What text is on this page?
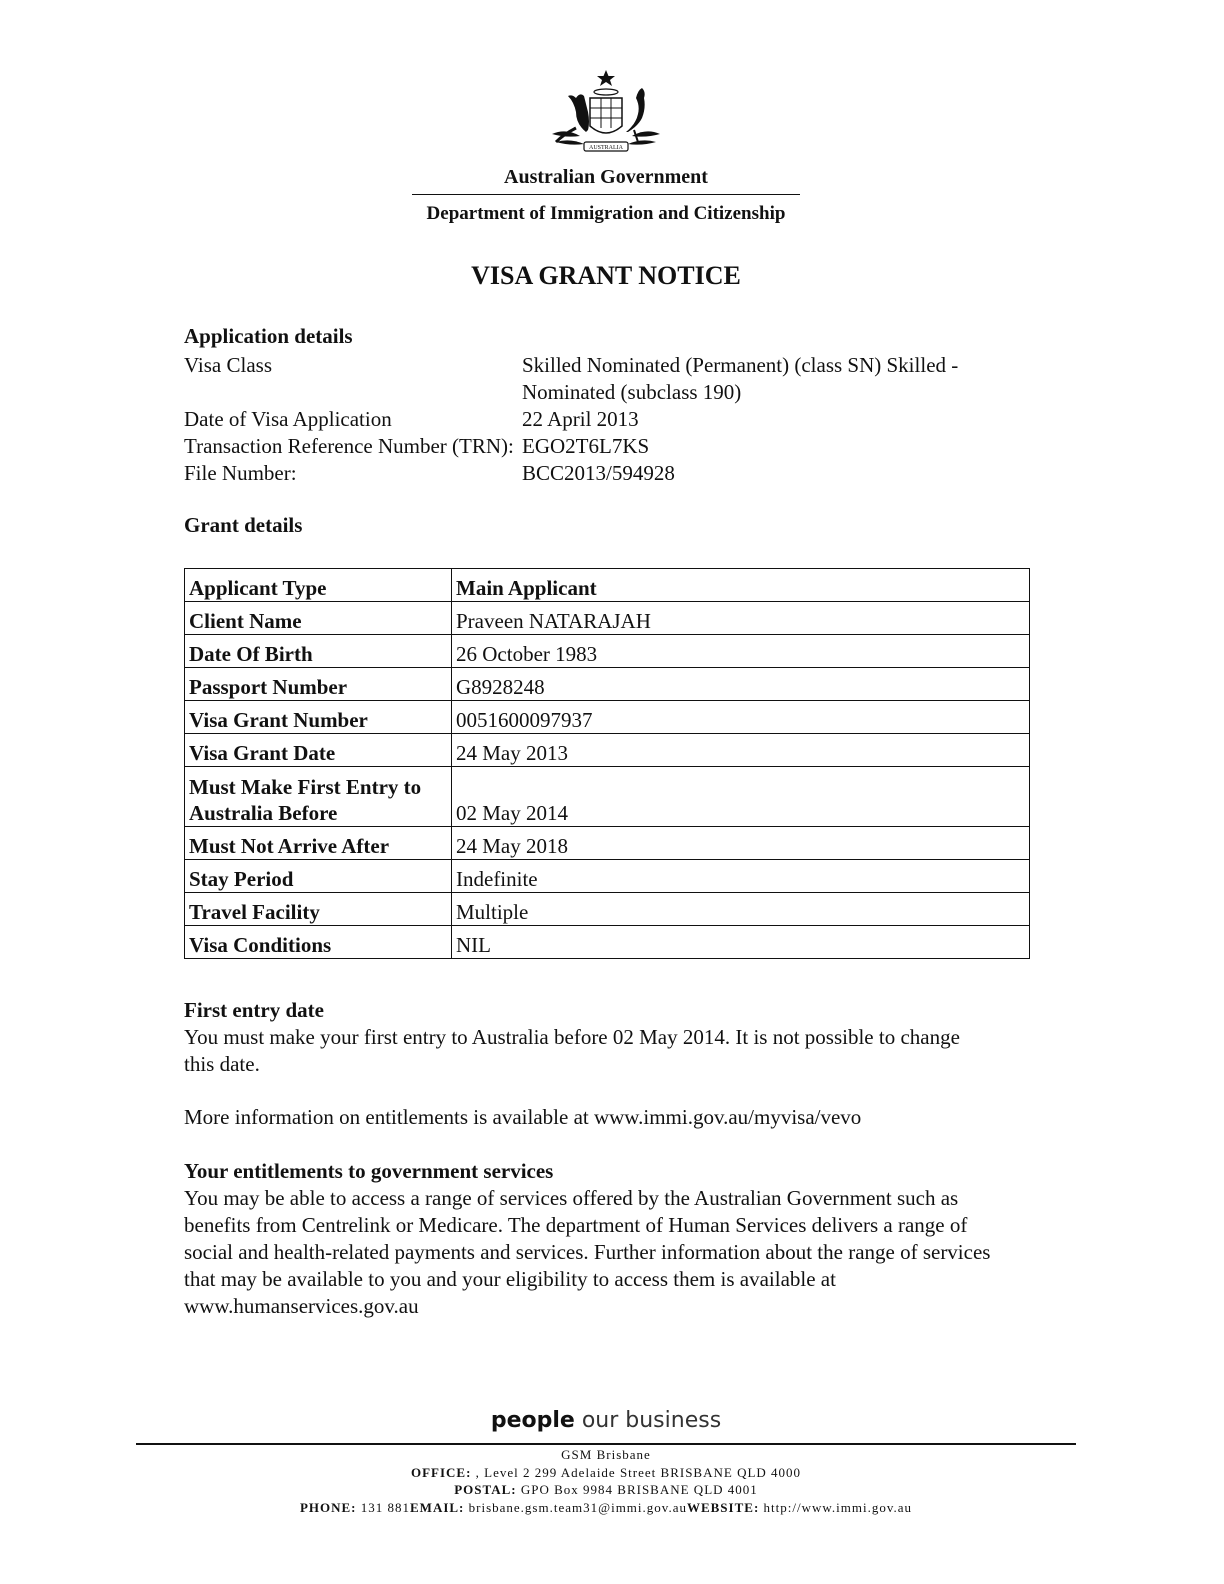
AUSTRALIA
Australian Government
Department of Immigration and Citizenship
VISA GRANT NOTICE
Application details
Visa Class	Skilled Nominated (Permanent) (class SN) Skilled -
Nominated (subclass 190)
Date of Visa Application	22 April 2013
Transaction Reference Number (TRN): EGO2T6L7KS
File Number:	BCC2013/594928
Grant details
Applicant Type	Main Applicant
Client Name	Praveen NATARAJAH
Date Of Birth	26 October 1983
Passport Number	G8928248
Visa Grant Number	0051600097937
Visa Grant Date	24 May 2013

Must Make First Entry to
Australia Before	02 May 2014
Must Not Arrive After	24 May 2018
Stay Period	Indefinite
Travel Facility	Multiple
Visa Conditions	NIL
First entry date
You must make your first entry to Australia before 02 May 2014. It is not possible to change
this date.
More information on entitlements is available at www.immi.gov.au/myvisa/vevo
Your entitlements to government services
You may be able to access a range of services offered by the Australian Government such as
benefits from Centrelink or Medicare. The department of Human Services delivers a range of
social and health-related payments and services. Further information about the range of services
that may be available to you and your eligibility to access them is available at
www.humanservices.gov.au
people our business
GSM Brisbane
OFFICE: , Level 2 299 Adelaide Street BRISBANE QLD 4000
POSTAL: GPO Box 9984 BRISBANE QLD 4001
PHONE: 131 881EMAIL: brisbane.gsm.team31@immi.gov.auWEBSITE: http://www.immi.gov.au
